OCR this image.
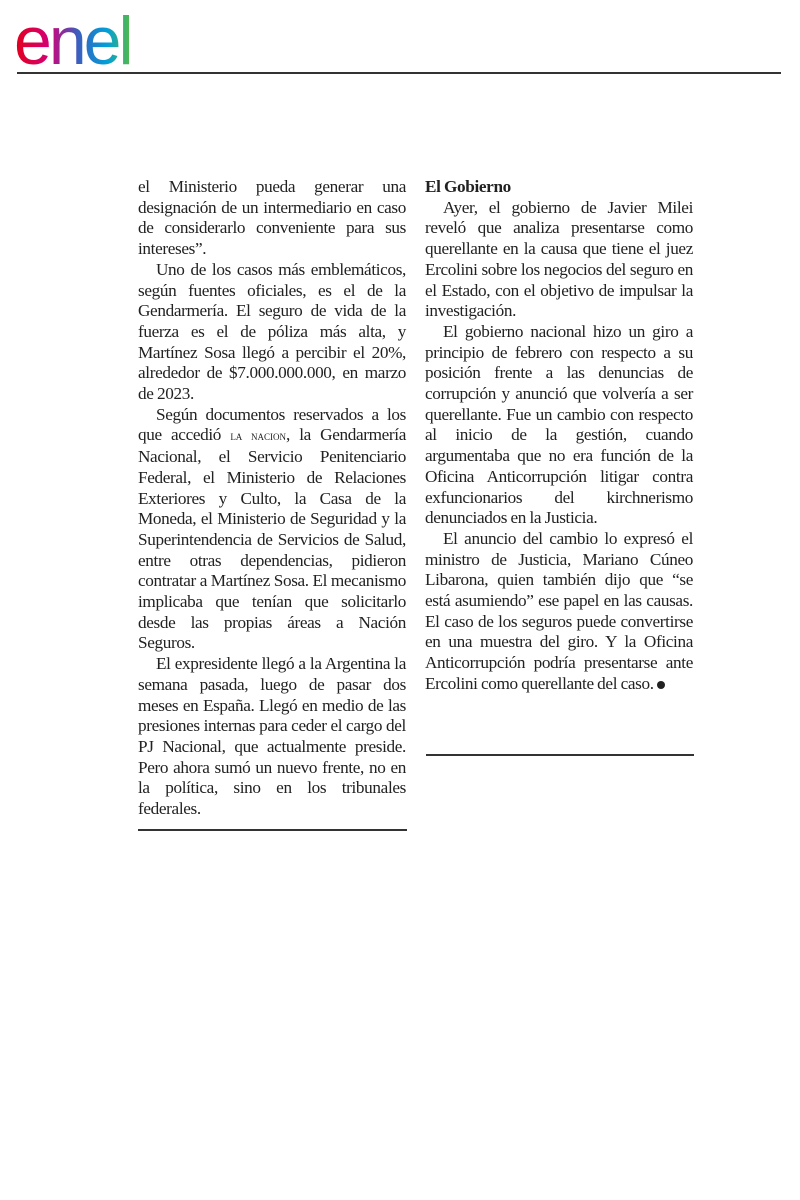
enel

el Ministerio pueda generar una designación de un intermediario en caso de considerarlo conveniente para sus intereses”.

Uno de los casos más emblemáticos, según fuentes oficiales, es el de la Gendarmería. El seguro de vida de la fuerza es el de póliza más alta, y Martínez Sosa llegó a percibir el 20%, alrededor de $7.000.000.000, en marzo de 2023.

Según documentos reservados a los que accedió la nacion, la Gendarmería Nacional, el Servicio Penitenciario Federal, el Ministerio de Relaciones Exteriores y Culto, la Casa de la Moneda, el Ministerio de Seguridad y la Superintendencia de Servicios de Salud, entre otras dependencias, pidieron contratar a Martínez Sosa. El mecanismo implicaba que tenían que solicitarlo desde las propias áreas a Nación Seguros.

El expresidente llegó a la Argentina la semana pasada, luego de pasar dos meses en España. Llegó en medio de las presiones internas para ceder el cargo del PJ Nacional, que actualmente preside. Pero ahora sumó un nuevo frente, no en la política, sino en los tribunales federales.

El Gobierno

Ayer, el gobierno de Javier Milei reveló que analiza presentarse como querellante en la causa que tiene el juez Ercolini sobre los negocios del seguro en el Estado, con el objetivo de impulsar la investigación.

El gobierno nacional hizo un giro a principio de febrero con respecto a su posición frente a las denuncias de corrupción y anunció que volvería a ser querellante. Fue un cambio con respecto al inicio de la gestión, cuando argumentaba que no era función de la Oficina Anticorrupción litigar contra exfuncionarios del kirchnerismo denunciados en la Justicia.

El anuncio del cambio lo expresó el ministro de Justicia, Mariano Cúneo Libarona, quien también dijo que “se está asumiendo” ese papel en las causas. El caso de los seguros puede convertirse en una muestra del giro. Y la Oficina Anticorrupción podría presentarse ante Ercolini como querellante del caso.
